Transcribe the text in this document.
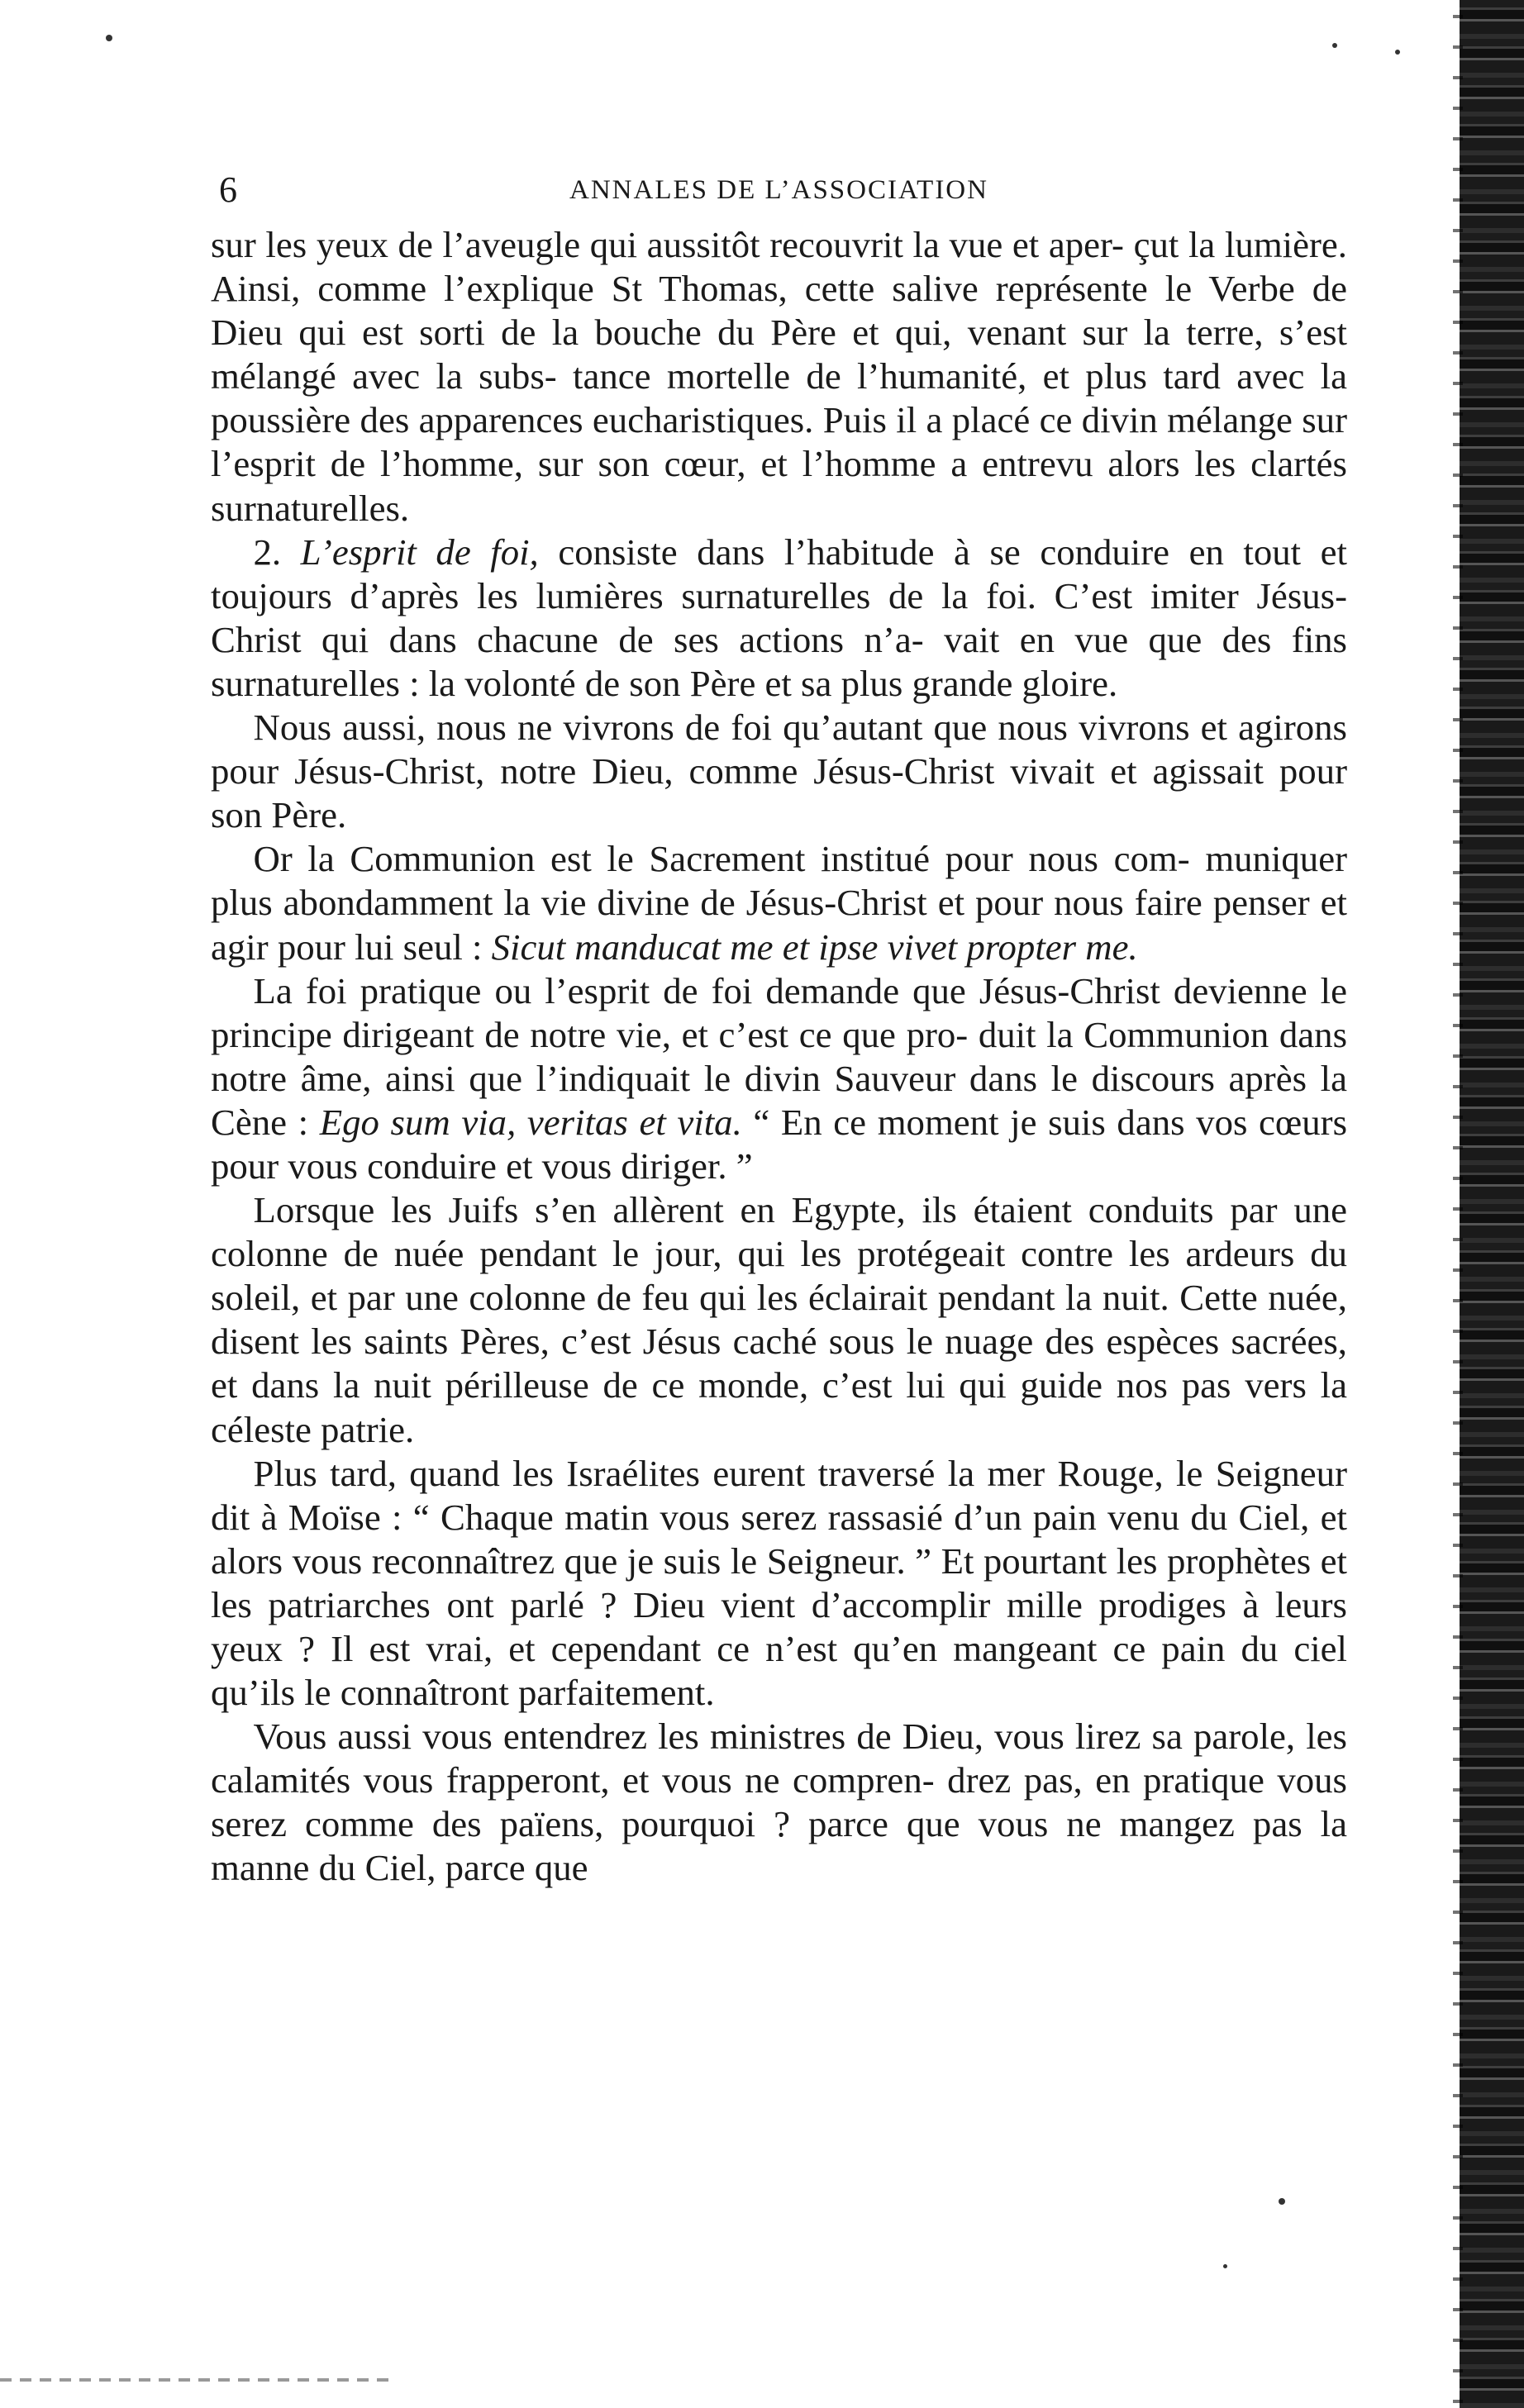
6	ANNALES DE L’ASSOCIATION

sur les yeux de l’aveugle qui aussitôt recouvrit la vue et aper- çut la lumière. Ainsi, comme l’explique St Thomas, cette salive représente le Verbe de Dieu qui est sorti de la bouche du Père et qui, venant sur la terre, s’est mélangé avec la subs- tance mortelle de l’humanité, et plus tard avec la poussière des apparences eucharistiques. Puis il a placé ce divin mélange sur l’esprit de l’homme, sur son cœur, et l’homme a entrevu alors les clartés surnaturelles.

2. L’esprit de foi, consiste dans l’habitude à se conduire en tout et toujours d’après les lumières surnaturelles de la foi. C’est imiter Jésus-Christ qui dans chacune de ses actions n’a- vait en vue que des fins surnaturelles : la volonté de son Père et sa plus grande gloire.

Nous aussi, nous ne vivrons de foi qu’autant que nous vivrons et agirons pour Jésus-Christ, notre Dieu, comme Jésus-Christ vivait et agissait pour son Père.

Or la Communion est le Sacrement institué pour nous com- muniquer plus abondamment la vie divine de Jésus-Christ et pour nous faire penser et agir pour lui seul : Sicut manducat me et ipse vivet propter me.

La foi pratique ou l’esprit de foi demande que Jésus-Christ devienne le principe dirigeant de notre vie, et c’est ce que pro- duit la Communion dans notre âme, ainsi que l’indiquait le divin Sauveur dans le discours après la Cène : Ego sum via, veritas et vita. “ En ce moment je suis dans vos cœurs pour vous conduire et vous diriger. ”

Lorsque les Juifs s’en allèrent en Egypte, ils étaient conduits par une colonne de nuée pendant le jour, qui les protégeait contre les ardeurs du soleil, et par une colonne de feu qui les éclairait pendant la nuit. Cette nuée, disent les saints Pères, c’est Jésus caché sous le nuage des espèces sacrées, et dans la nuit périlleuse de ce monde, c’est lui qui guide nos pas vers la céleste patrie.

Plus tard, quand les Israélites eurent traversé la mer Rouge, le Seigneur dit à Moïse : “ Chaque matin vous serez rassasié d’un pain venu du Ciel, et alors vous reconnaîtrez que je suis le Seigneur. ” Et pourtant les prophètes et les patriarches ont parlé ? Dieu vient d’accomplir mille prodiges à leurs yeux ? Il est vrai, et cependant ce n’est qu’en mangeant ce pain du ciel qu’ils le connaîtront parfaitement.

Vous aussi vous entendrez les ministres de Dieu, vous lirez sa parole, les calamités vous frapperont, et vous ne compren- drez pas, en pratique vous serez comme des païens, pourquoi ? parce que vous ne mangez pas la manne du Ciel, parce que
